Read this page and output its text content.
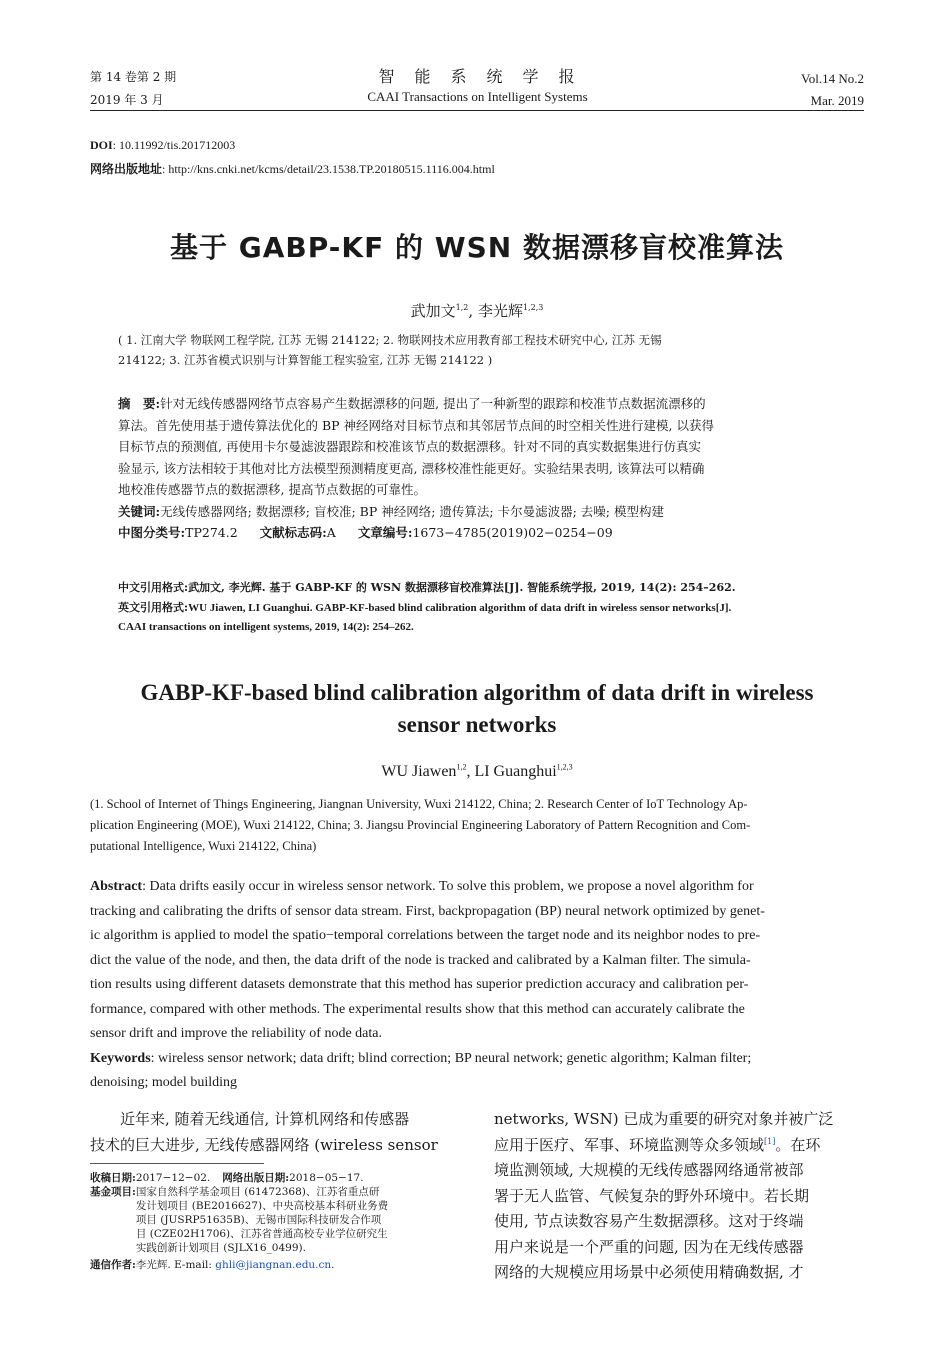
第 14 卷第 2 期
2019 年 3 月
智　能　系　统　学　报
CAAI Transactions on Intelligent Systems
Vol.14 No.2
Mar. 2019
DOI: 10.11992/tis.201712003
网络出版地址: http://kns.cnki.net/kcms/detail/23.1538.TP.20180515.1116.004.html
基于 GABP-KF 的 WSN 数据漂移盲校准算法
武加文$^{1,2}$, 李光辉$^{1,2,3}$
( 1. 江南大学 物联网工程学院, 江苏 无锡 214122; 2. 物联网技术应用教育部工程技术研究中心, 江苏 无锡
214122; 3. 江苏省模式识别与计算智能工程实验室, 江苏 无锡 214122 )
摘　要:针对无线传感器网络节点容易产生数据漂移的问题, 提出了一种新型的跟踪和校准节点数据流漂移的
算法。首先使用基于遗传算法优化的 BP 神经网络对目标节点和其邻居节点间的时空相关性进行建模, 以获得
目标节点的预测值, 再使用卡尔曼滤波器跟踪和校准该节点的数据漂移。针对不同的真实数据集进行仿真实
验显示, 该方法相较于其他对比方法模型预测精度更高, 漂移校准性能更好。实验结果表明, 该算法可以精确
地校准传感器节点的数据漂移, 提高节点数据的可靠性。
关键词:无线传感器网络; 数据漂移; 盲校准; BP 神经网络; 遗传算法; 卡尔曼滤波器; 去噪; 模型构建
中图分类号:TP274.2 文献标志码:A 文章编号:1673−4785(2019)02−0254−09
中文引用格式:武加文, 李光辉. 基于 GABP-KF 的 WSN 数据漂移盲校准算法[J]. 智能系统学报, 2019, 14(2): 254–262.
英文引用格式:WU Jiawen, LI Guanghui. GABP-KF-based blind calibration algorithm of data drift in wireless sensor networks[J].
CAAI transactions on intelligent systems, 2019, 14(2): 254–262.
GABP-KF-based blind calibration algorithm of data drift in wireless
sensor networks
WU Jiawen$^{1,2}$, LI Guanghui$^{1,2,3}$
(1. School of Internet of Things Engineering, Jiangnan University, Wuxi 214122, China; 2. Research Center of IoT Technology Ap-
plication Engineering (MOE), Wuxi 214122, China; 3. Jiangsu Provincial Engineering Laboratory of Pattern Recognition and Com-
putational Intelligence, Wuxi 214122, China)
Abstract: Data drifts easily occur in wireless sensor network. To solve this problem, we propose a novel algorithm for
tracking and calibrating the drifts of sensor data stream. First, backpropagation (BP) neural network optimized by genet-
ic algorithm is applied to model the spatio−temporal correlations between the target node and its neighbor nodes to pre-
dict the value of the node, and then, the data drift of the node is tracked and calibrated by a Kalman filter. The simula-
tion results using different datasets demonstrate that this method has superior prediction accuracy and calibration per-
formance, compared with other methods. The experimental results show that this method can accurately calibrate the
sensor drift and improve the reliability of node data.
Keywords: wireless sensor network; data drift; blind correction; BP neural network; genetic algorithm; Kalman filter;
denoising; model building
近年来, 随着无线通信, 计算机网络和传感器
技术的巨大进步, 无线传感器网络 (wireless sensor
收稿日期:2017−12−02. 网络出版日期:2018−05−17.
基金项目: 国家自然科学基金项目 (61472368)、江苏省重点研
发计划项目 (BE2016627)、中央高校基本科研业务费
项目 (JUSRP51635B)、无锡市国际科技研发合作项
目 (CZE02H1706)、江苏省普通高校专业学位研究生
实践创新计划项目 (SJLX16_0499).
通信作者:李光辉. E-mail: ghli@jiangnan.edu.cn.
networks, WSN) 已成为重要的研究对象并被广泛
应用于医疗、军事、环境监测等众多领域[1]。在环
境监测领域, 大规模的无线传感器网络通常被部
署于无人监管、气候复杂的野外环境中。若长期
使用, 节点读数容易产生数据漂移。这对于终端
用户来说是一个严重的问题, 因为在无线传感器
网络的大规模应用场景中必须使用精确数据, 才
